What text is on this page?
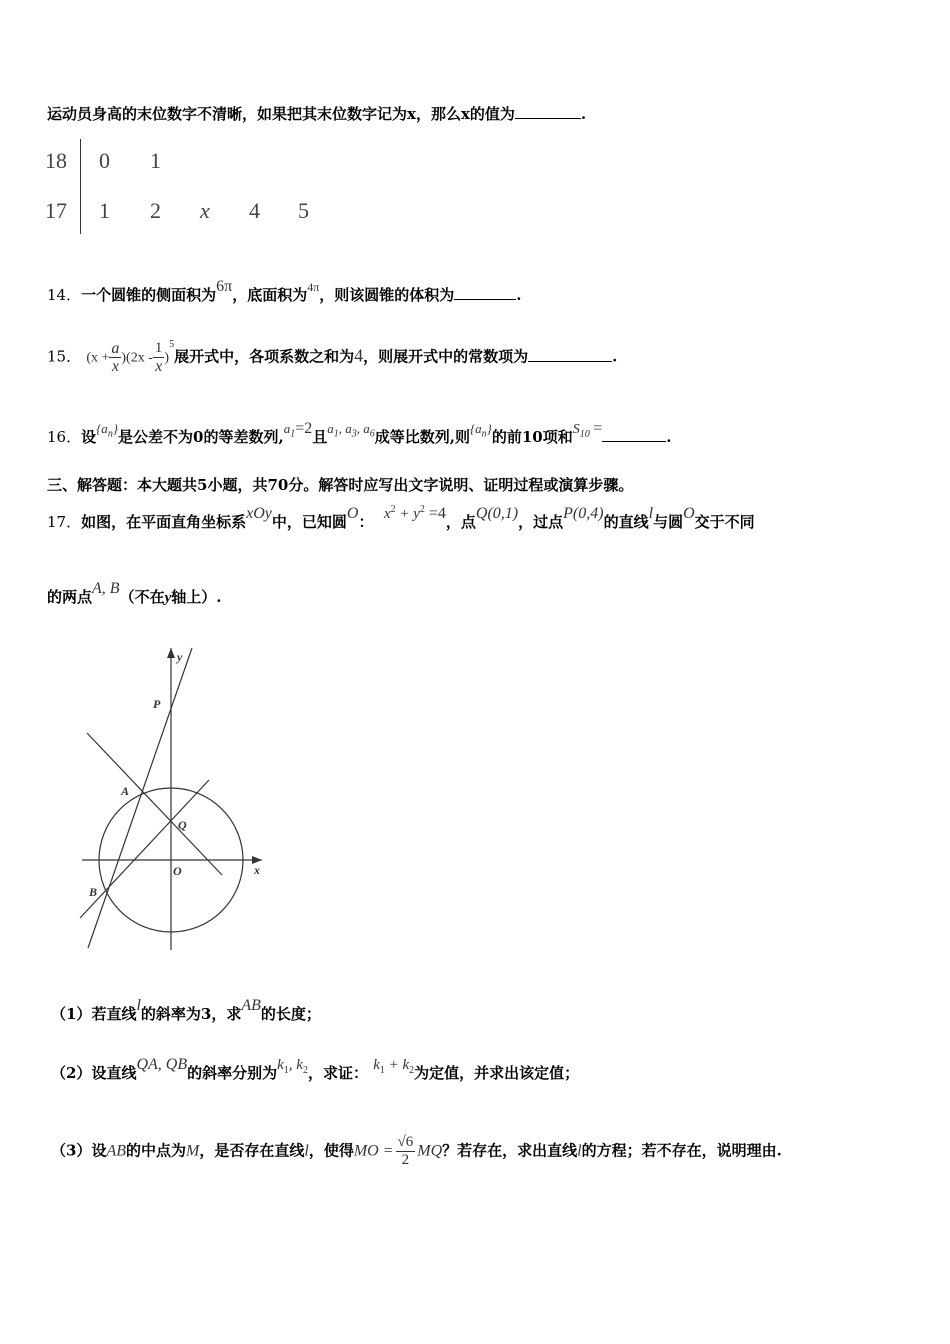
运动员身高的末位数字不清晰，如果把其末位数字记为x，那么x的值为	.
18 0 1
17 1 2 x 4 5
14．一个圆锥的侧面积为6π，底面积为$^{4\pi}$，则该圆锥的体积为	.
15． $(x + \frac{a}{x} )(2x - \frac{1}{x} )^5$展开式中，各项系数之和为4，则展开式中的常数项为	.
16．设$\{a_n\}$是公差不为0的等差数列$,a_1=2$且$a_1$, $a_3$, $a_6$成等比数列,则$\{a_n\}$的前10项和$S_{10}$ =	.
三、解答题：本大题共5小题，共70分。解答时应写出文字说明、证明过程或演算步骤。
17．如图，在平面直角坐标系xOy中，已知圆O： $x^2 + y^2 =4$，点Q(0,1)，过点P(0,4)的直线l与圆O交于不同
的两点A, B（不在y轴上）.
y
x
P
A
Q
O
B
（1）若直线l的斜率为3，求AB的长度；
（2）设直线QA, QB的斜率分别为$k_1$, $k_2$，求证： $k_1 + k_2$为定值，并求出该定值；
（3）设AB的中点为M，是否存在直线l，使得MO = $\frac{√6}{2}$ MQ？若存在，求出直线l的方程；若不存在，说明理由.
